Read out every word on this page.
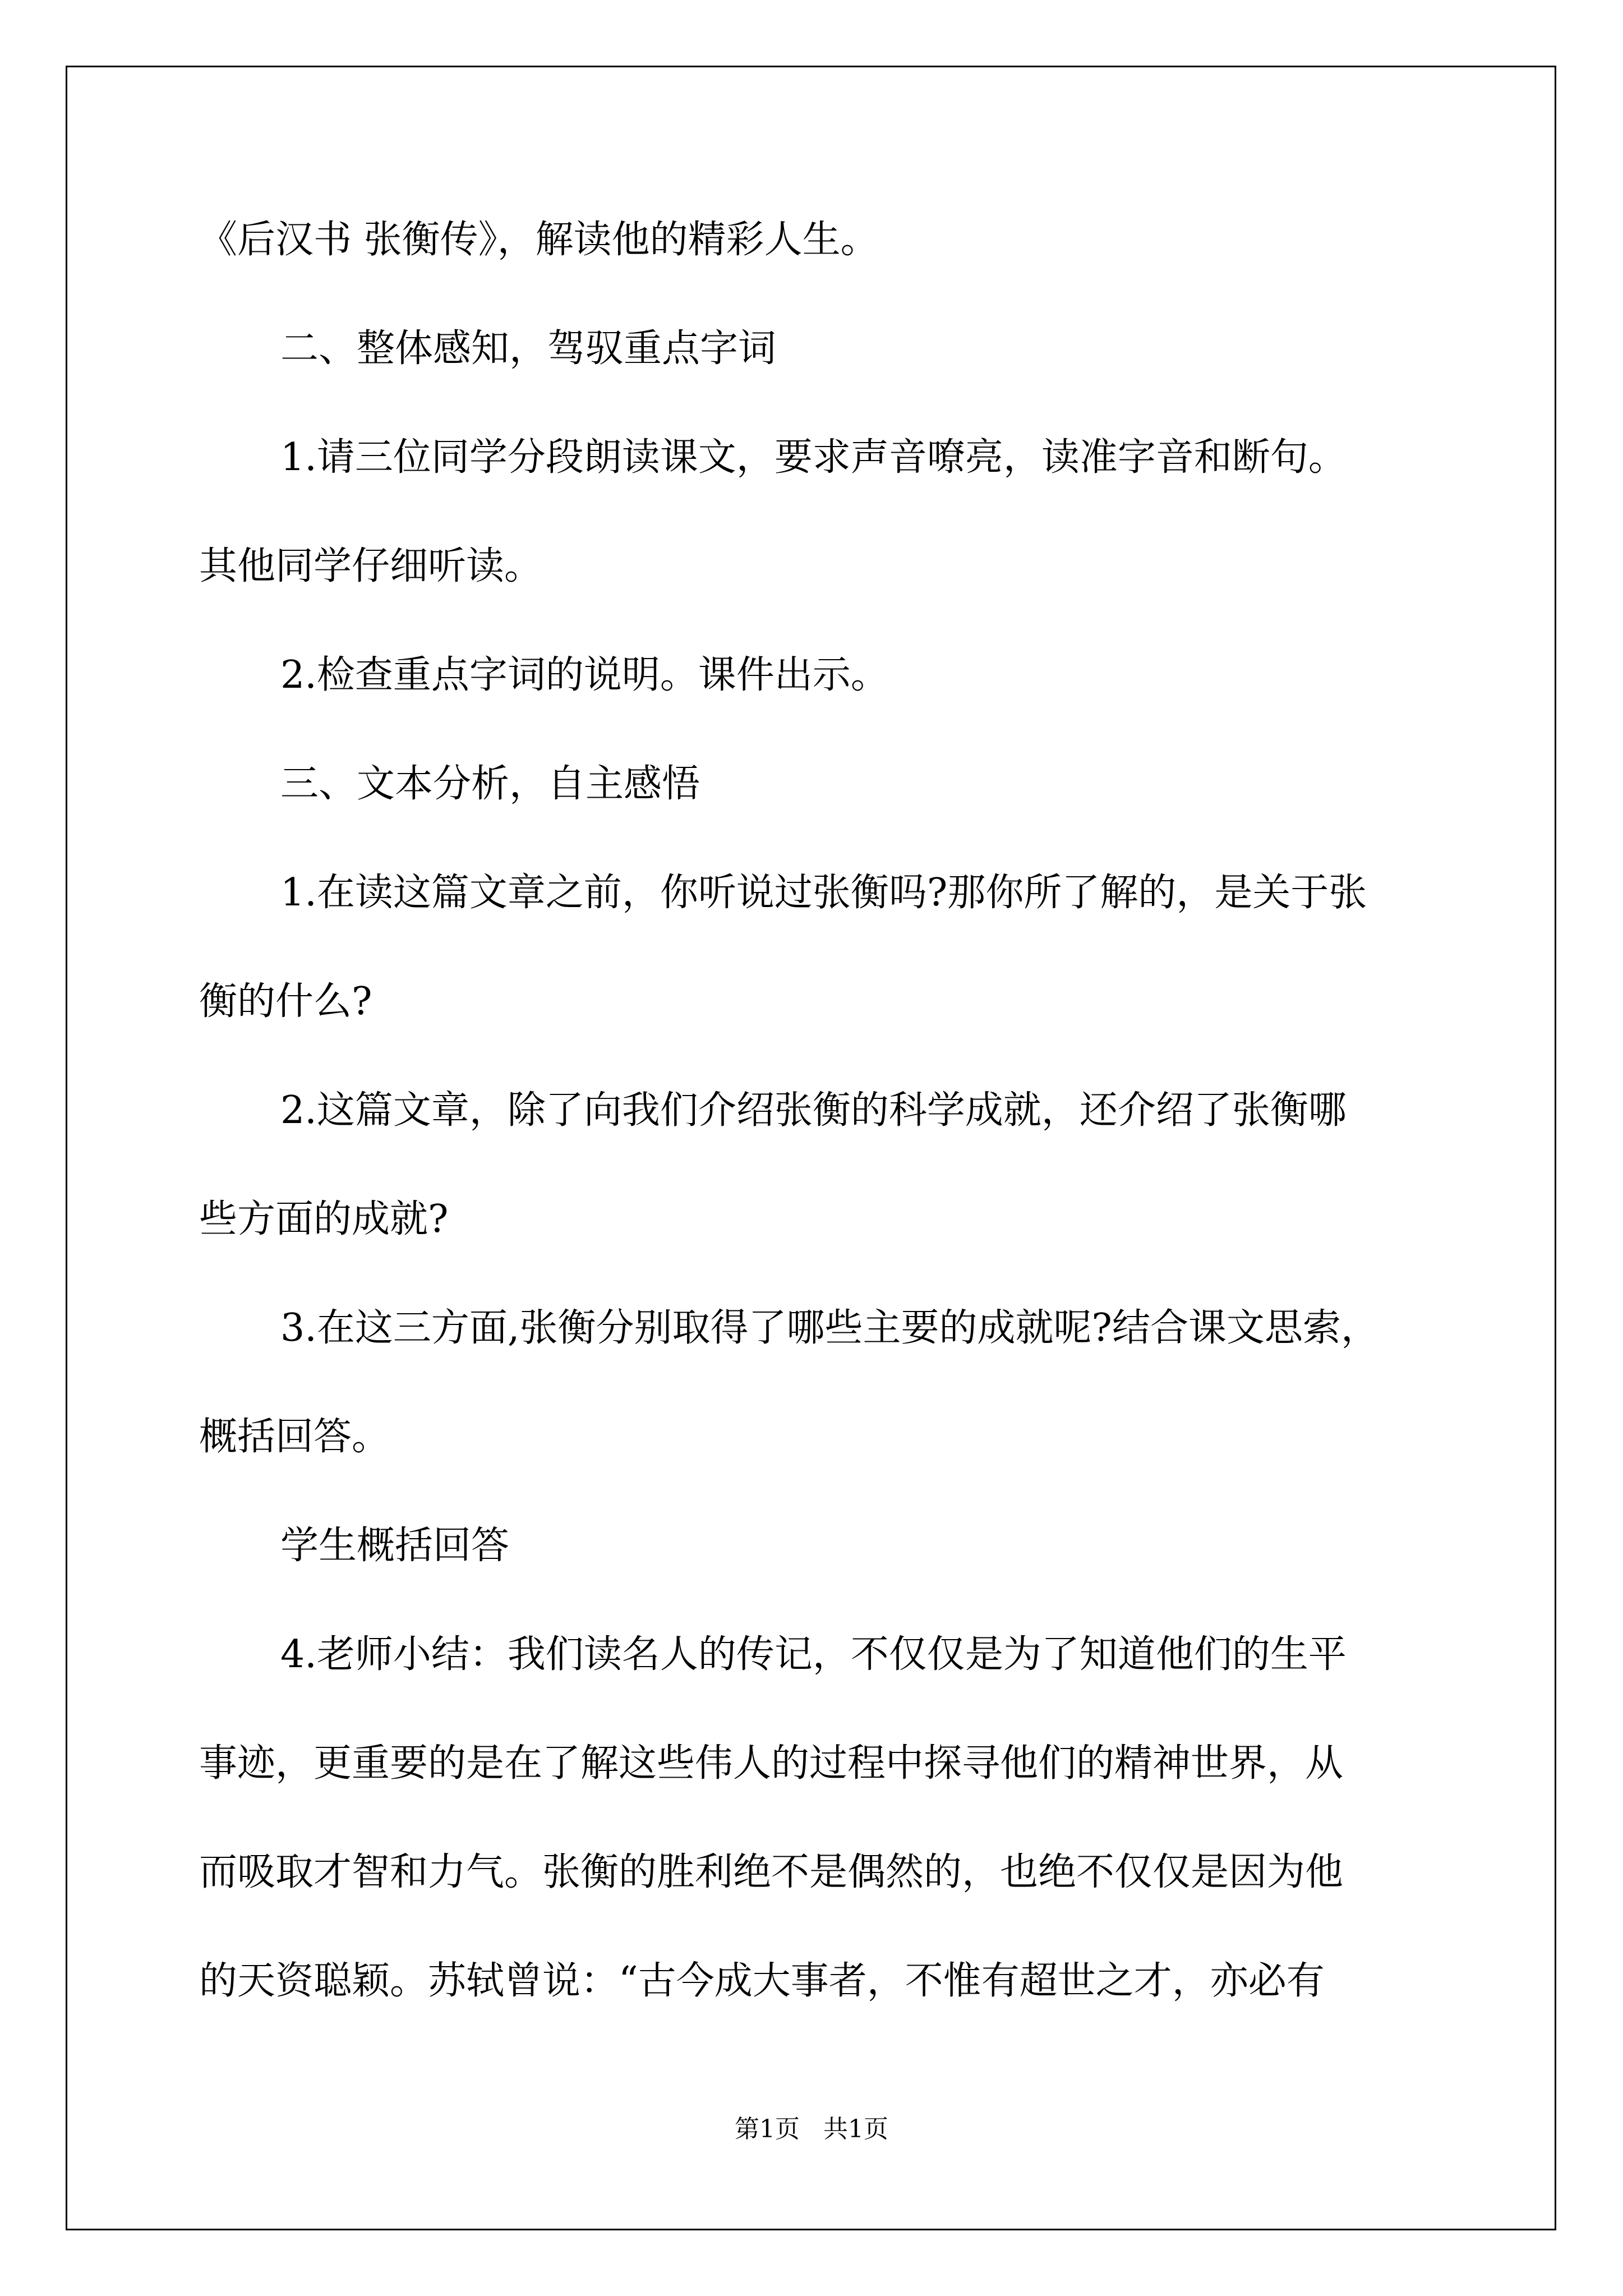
《后汉书 张衡传》，解读他的精彩人生。
二、整体感知，驾驭重点字词
1.请三位同学分段朗读课文，要求声音嘹亮，读准字音和断句。
其他同学仔细听读。
2.检查重点字词的说明。课件出示。
三、文本分析，自主感悟
1.在读这篇文章之前，你听说过张衡吗?那你所了解的，是关于张
衡的什么?
2.这篇文章，除了向我们介绍张衡的科学成就，还介绍了张衡哪
些方面的成就?
3.在这三方面,张衡分别取得了哪些主要的成就呢?结合课文思索，
概括回答。
学生概括回答
4.老师小结：我们读名人的传记，不仅仅是为了知道他们的生平
事迹，更重要的是在了解这些伟人的过程中探寻他们的精神世界，从
而吸取才智和力气。张衡的胜利绝不是偶然的，也绝不仅仅是因为他
的天资聪颖。苏轼曾说：“古今成大事者，不惟有超世之才，亦必有
第1页   共1页
